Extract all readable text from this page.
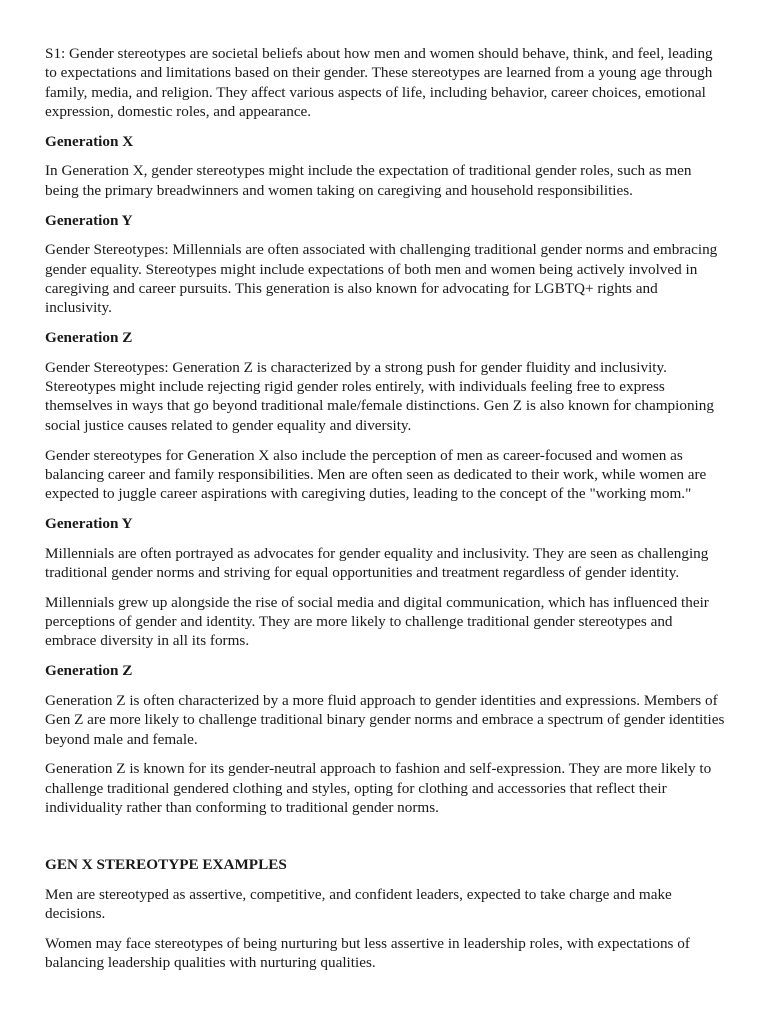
S1: Gender stereotypes are societal beliefs about how men and women should behave, think, and feel, leading to expectations and limitations based on their gender. These stereotypes are learned from a young age through family, media, and religion. They affect various aspects of life, including behavior, career choices, emotional expression, domestic roles, and appearance.

Generation X

In Generation X, gender stereotypes might include the expectation of traditional gender roles, such as men being the primary breadwinners and women taking on caregiving and household responsibilities.

Generation Y

Gender Stereotypes: Millennials are often associated with challenging traditional gender norms and embracing gender equality. Stereotypes might include expectations of both men and women being actively involved in caregiving and career pursuits. This generation is also known for advocating for LGBTQ+ rights and inclusivity.

Generation Z

Gender Stereotypes: Generation Z is characterized by a strong push for gender fluidity and inclusivity. Stereotypes might include rejecting rigid gender roles entirely, with individuals feeling free to express themselves in ways that go beyond traditional male/female distinctions. Gen Z is also known for championing social justice causes related to gender equality and diversity.

Gender stereotypes for Generation X also include the perception of men as career-focused and women as balancing career and family responsibilities. Men are often seen as dedicated to their work, while women are expected to juggle career aspirations with caregiving duties, leading to the concept of the "working mom."

Generation Y

Millennials are often portrayed as advocates for gender equality and inclusivity. They are seen as challenging traditional gender norms and striving for equal opportunities and treatment regardless of gender identity.

Millennials grew up alongside the rise of social media and digital communication, which has influenced their perceptions of gender and identity. They are more likely to challenge traditional gender stereotypes and embrace diversity in all its forms.

Generation Z

Generation Z is often characterized by a more fluid approach to gender identities and expressions. Members of Gen Z are more likely to challenge traditional binary gender norms and embrace a spectrum of gender identities beyond male and female.

Generation Z is known for its gender-neutral approach to fashion and self-expression. They are more likely to challenge traditional gendered clothing and styles, opting for clothing and accessories that reflect their individuality rather than conforming to traditional gender norms.

GEN X STEREOTYPE EXAMPLES

Men are stereotyped as assertive, competitive, and confident leaders, expected to take charge and make decisions.

Women may face stereotypes of being nurturing but less assertive in leadership roles, with expectations of balancing leadership qualities with nurturing qualities.
